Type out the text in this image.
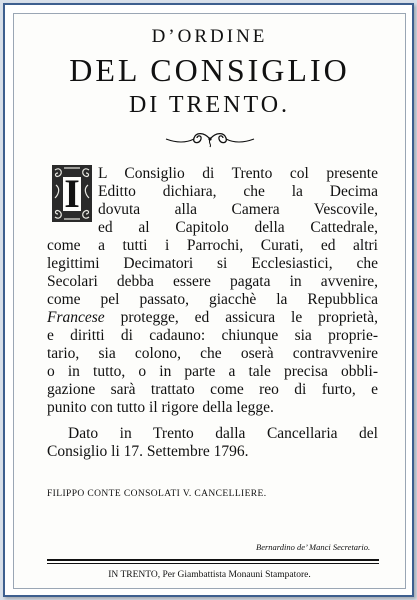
D’ORDINE
DEL CONSIGLIO
DI TRENTO.
I	L Consiglio di Trento col presente
Editto dichiara, che la Decima
dovuta alla Camera Vescovile,
ed al Capitolo della Cattedrale,
come a tutti i Parrochi, Curati, ed altri
legittimi Decimatori si Ecclesiastici, che
Secolari debba essere pagata in avvenire,
come pel passato, giacchè la Repubblica
Francese protegge, ed assicura le proprietà,
e diritti di cadauno: chiunque sia proprie-
tario, sia colono, che oserà contravvenire
o in tutto, o in parte a tale precisa obbli-
gazione sarà trattato come reo di furto, e
punito con tutto il rigore della legge.
Dato in Trento dalla Cancellaria del
Consiglio li 17. Settembre 1796.
FILIPPO CONTE CONSOLATI V. CANCELLIERE.
Bernardino de’ Manci Secretario.
IN TRENTO, Per Giambattista Monauni Stampatore.
